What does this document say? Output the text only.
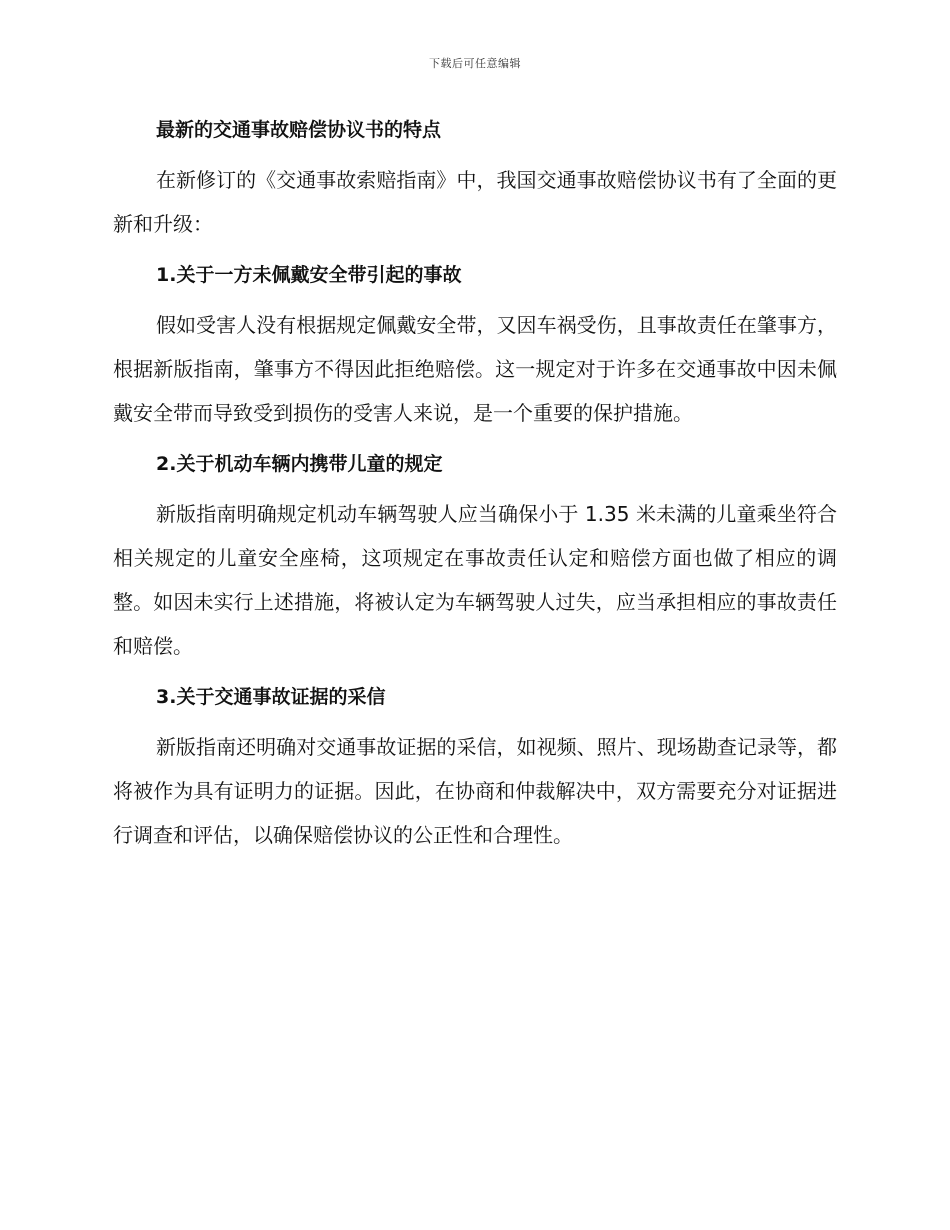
下载后可任意编辑
最新的交通事故赔偿协议书的特点

在新修订的《交通事故索赔指南》中，我国交通事故赔偿协议书有了全面的更新和升级：

1.关于一方未佩戴安全带引起的事故

假如受害人没有根据规定佩戴安全带，又因车祸受伤，且事故责任在肇事方，根据新版指南，肇事方不得因此拒绝赔偿。这一规定对于许多在交通事故中因未佩戴安全带而导致受到损伤的受害人来说，是一个重要的保护措施。

2.关于机动车辆内携带儿童的规定

新版指南明确规定机动车辆驾驶人应当确保小于 1.35 米未满的儿童乘坐符合相关规定的儿童安全座椅，这项规定在事故责任认定和赔偿方面也做了相应的调整。如因未实行上述措施，将被认定为车辆驾驶人过失，应当承担相应的事故责任和赔偿。

3.关于交通事故证据的采信

新版指南还明确对交通事故证据的采信，如视频、照片、现场勘查记录等，都将被作为具有证明力的证据。因此，在协商和仲裁解决中，双方需要充分对证据进行调查和评估，以确保赔偿协议的公正性和合理性。
